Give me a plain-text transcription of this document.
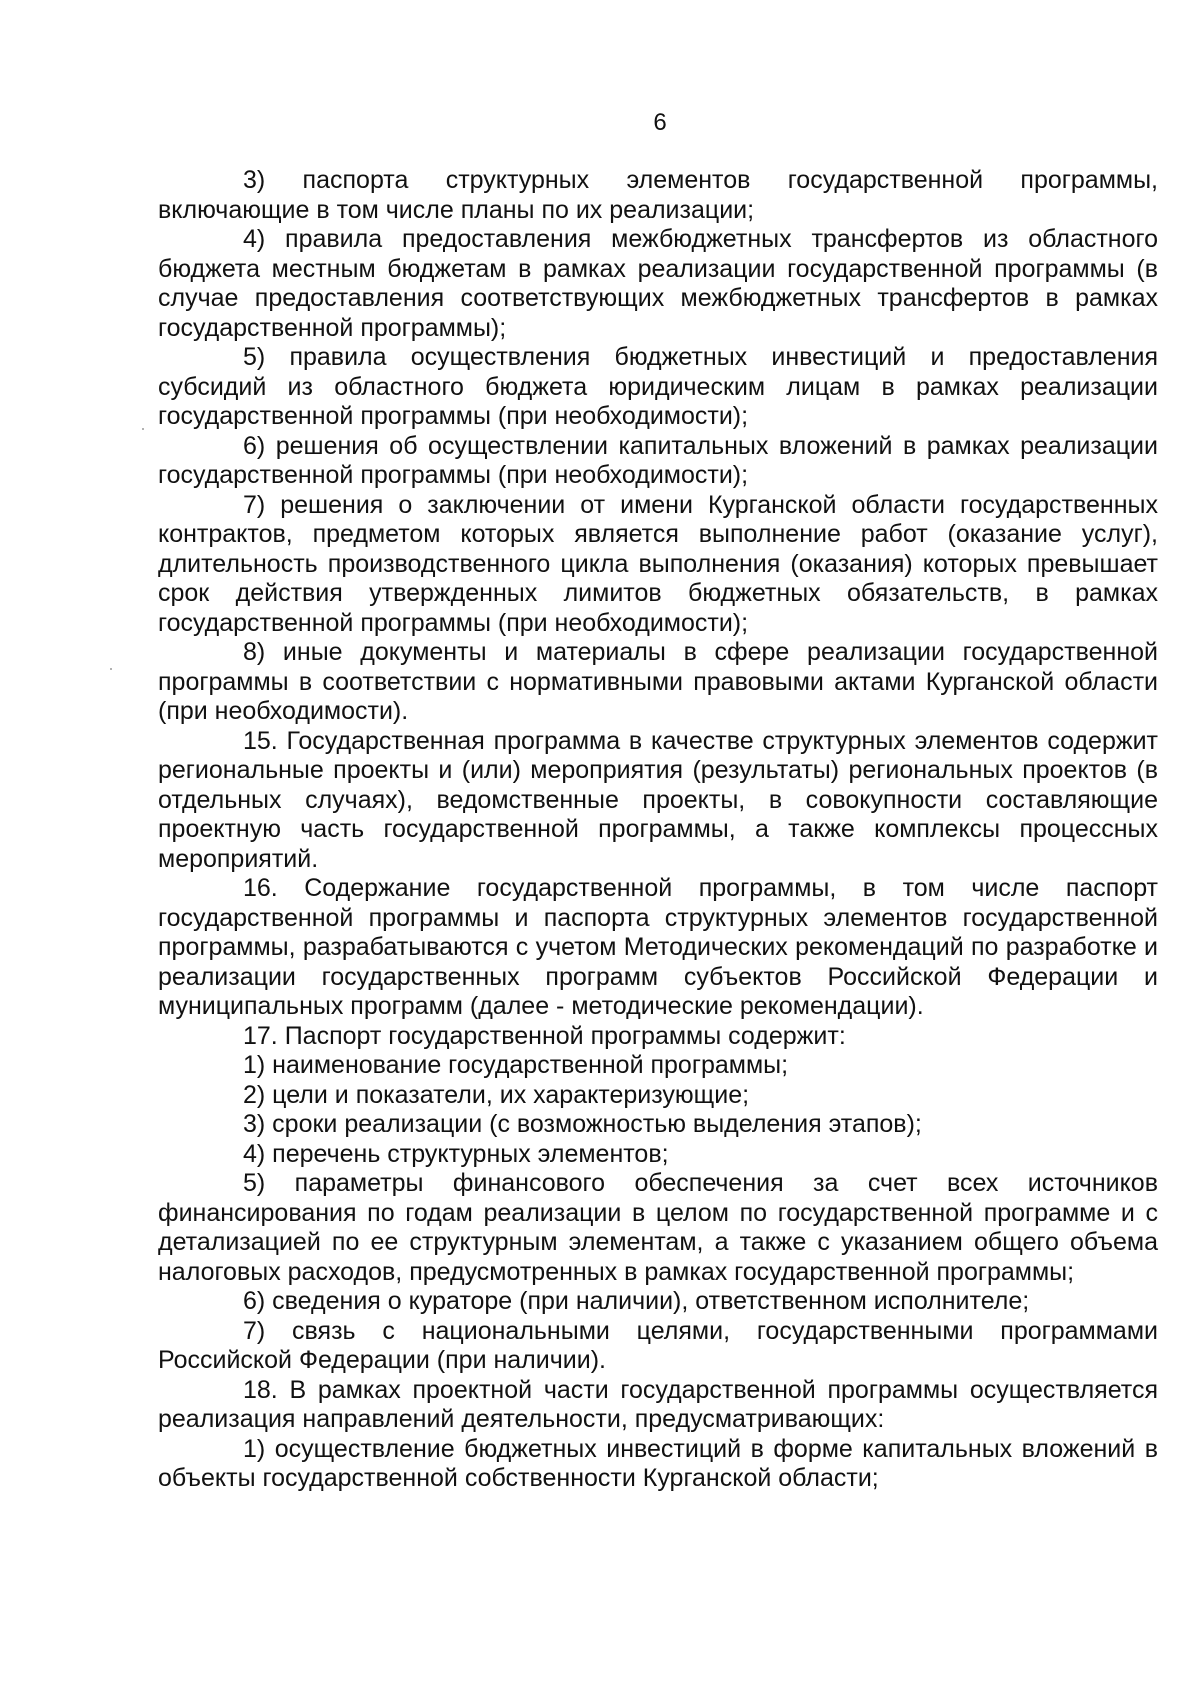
6

3) паспорта структурных элементов государственной программы, включающие в том числе планы по их реализации;

4) правила предоставления межбюджетных трансфертов из областного бюджета местным бюджетам в рамках реализации государственной программы (в случае предоставления соответствующих межбюджетных трансфертов в рамках государственной программы);

5) правила осуществления бюджетных инвестиций и предоставления субсидий из областного бюджета юридическим лицам в рамках реализации государственной программы (при необходимости);

6) решения об осуществлении капитальных вложений в рамках реализации государственной программы (при необходимости);

7) решения о заключении от имени Курганской области государственных контрактов, предметом которых является выполнение работ (оказание услуг), длительность производственного цикла выполнения (оказания) которых превышает срок действия утвержденных лимитов бюджетных обязательств, в рамках государственной программы (при необходимости);

8) иные документы и материалы в сфере реализации государственной программы в соответствии с нормативными правовыми актами Курганской области (при необходимости).

15. Государственная программа в качестве структурных элементов содержит региональные проекты и (или) мероприятия (результаты) региональных проектов (в отдельных случаях), ведомственные проекты, в совокупности составляющие проектную часть государственной программы, а также комплексы процессных мероприятий.

16. Содержание государственной программы, в том числе паспорт государственной программы и паспорта структурных элементов государственной программы, разрабатываются с учетом Методических рекомендаций по разработке и реализации государственных программ субъектов Российской Федерации и муниципальных программ (далее - методические рекомендации).

17. Паспорт государственной программы содержит:

1) наименование государственной программы;

2) цели и показатели, их характеризующие;

3) сроки реализации (с возможностью выделения этапов);

4) перечень структурных элементов;

5) параметры финансового обеспечения за счет всех источников финансирования по годам реализации в целом по государственной программе и с детализацией по ее структурным элементам, а также с указанием общего объема налоговых расходов, предусмотренных в рамках государственной программы;

6) сведения о кураторе (при наличии), ответственном исполнителе;

7) связь с национальными целями, государственными программами Российской Федерации (при наличии).

18. В рамках проектной части государственной программы осуществляется реализация направлений деятельности, предусматривающих:

1) осуществление бюджетных инвестиций в форме капитальных вложений в объекты государственной собственности Курганской области;
